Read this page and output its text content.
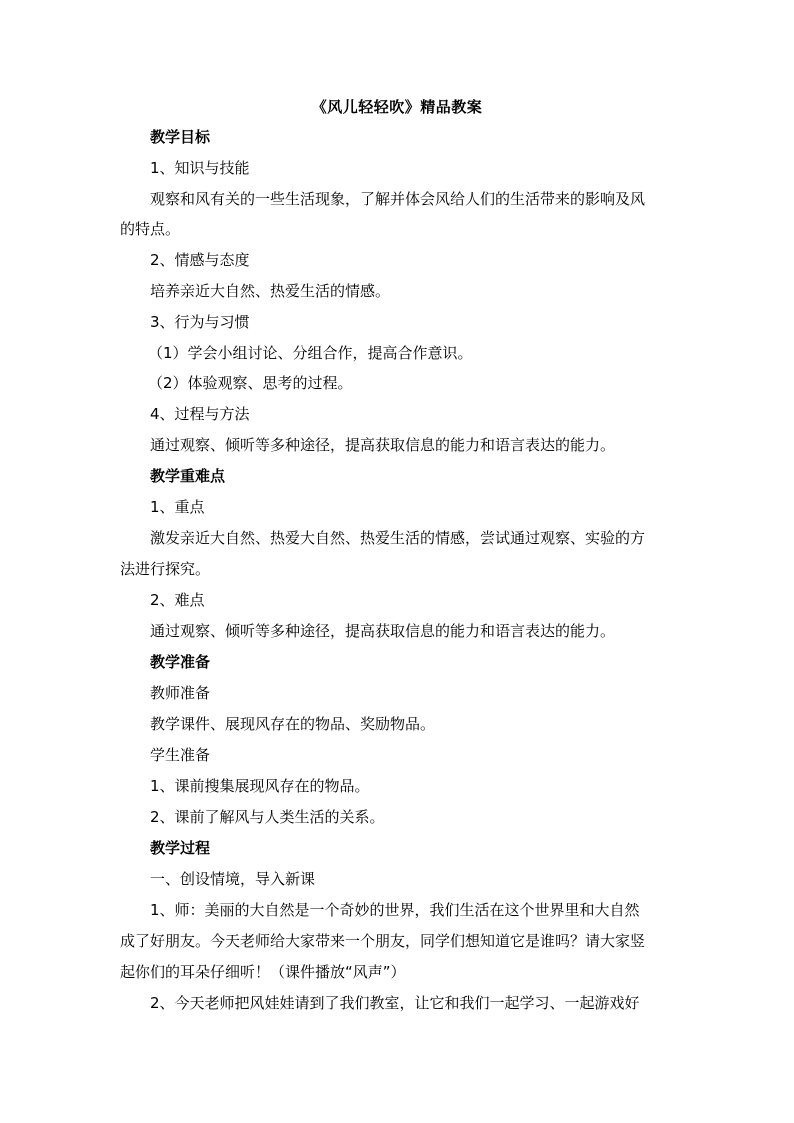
《风儿轻轻吹》精品教案
教学目标
1、知识与技能
观察和风有关的一些生活现象，了解并体会风给人们的生活带来的影响及风
的特点。
2、情感与态度
培养亲近大自然、热爱生活的情感。
3、行为与习惯
（1）学会小组讨论、分组合作，提高合作意识。
（2）体验观察、思考的过程。
4、过程与方法
通过观察、倾听等多种途径，提高获取信息的能力和语言表达的能力。
教学重难点
1、重点
激发亲近大自然、热爱大自然、热爱生活的情感，尝试通过观察、实验的方
法进行探究。
2、难点
通过观察、倾听等多种途径，提高获取信息的能力和语言表达的能力。
教学准备
教师准备
教学课件、展现风存在的物品、奖励物品。
学生准备
1、课前搜集展现风存在的物品。
2、课前了解风与人类生活的关系。
教学过程
一、创设情境，导入新课
1、师：美丽的大自然是一个奇妙的世界，我们生活在这个世界里和大自然
成了好朋友。今天老师给大家带来一个朋友，同学们想知道它是谁吗？请大家竖
起你们的耳朵仔细听！（课件播放“风声”）
2、今天老师把风娃娃请到了我们教室，让它和我们一起学习、一起游戏好
